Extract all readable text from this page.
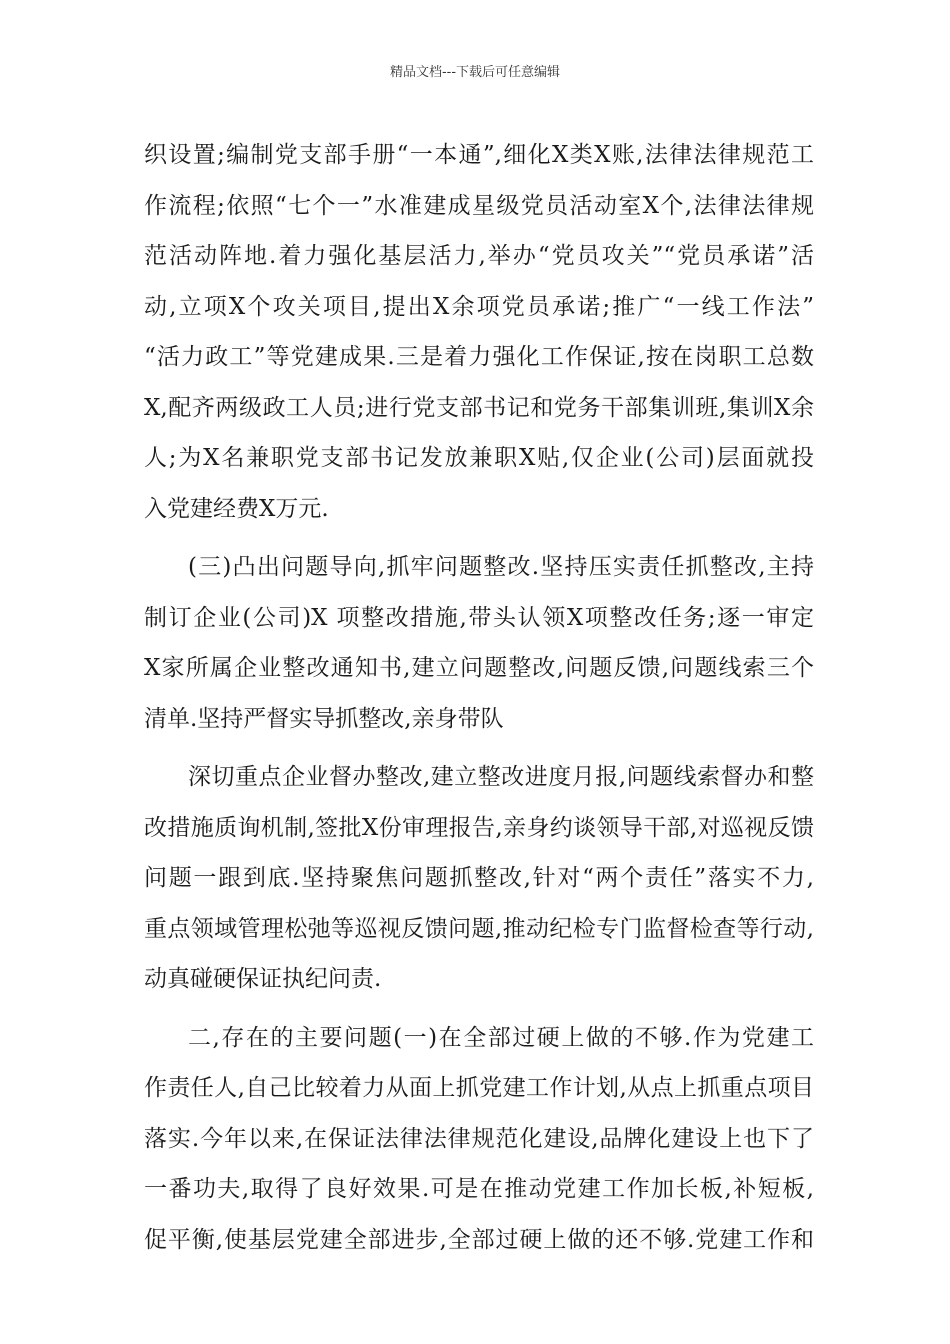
精品文档---下载后可任意编辑
织设置;编制党支部手册“一本通”,细化X类X账,法律法律规范工
作流程;依照“七个一”水准建成星级党员活动室X个,法律法律规
范活动阵地.着力强化基层活力,举办“党员攻关”“党员承诺”活
动,立项X个攻关项目,提出X余项党员承诺;推广“一线工作法”
“活力政工”等党建成果.三是着力强化工作保证,按在岗职工总数
X,配齐两级政工人员;进行党支部书记和党务干部集训班,集训X余
人;为X名兼职党支部书记发放兼职X贴,仅企业(公司)层面就投
入党建经费X万元.
(三)凸出问题导向,抓牢问题整改.坚持压实责任抓整改,主持
制订企业(公司)X 项整改措施,带头认领X项整改任务;逐一审定
X家所属企业整改通知书,建立问题整改,问题反馈,问题线索三个
清单.坚持严督实导抓整改,亲身带队
深切重点企业督办整改,建立整改进度月报,问题线索督办和整
改措施质询机制,签批X份审理报告,亲身约谈领导干部,对巡视反馈
问题一跟到底.坚持聚焦问题抓整改,针对“两个责任”落实不力,
重点领域管理松弛等巡视反馈问题,推动纪检专门监督检查等行动,
动真碰硬保证执纪问责.
二,存在的主要问题(一)在全部过硬上做的不够.作为党建工
作责任人,自己比较着力从面上抓党建工作计划,从点上抓重点项目
落实.今年以来,在保证法律法律规范化建设,品牌化建设上也下了
一番功夫,取得了良好效果.可是在推动党建工作加长板,补短板,
促平衡,使基层党建全部进步,全部过硬上做的还不够.党建工作和
